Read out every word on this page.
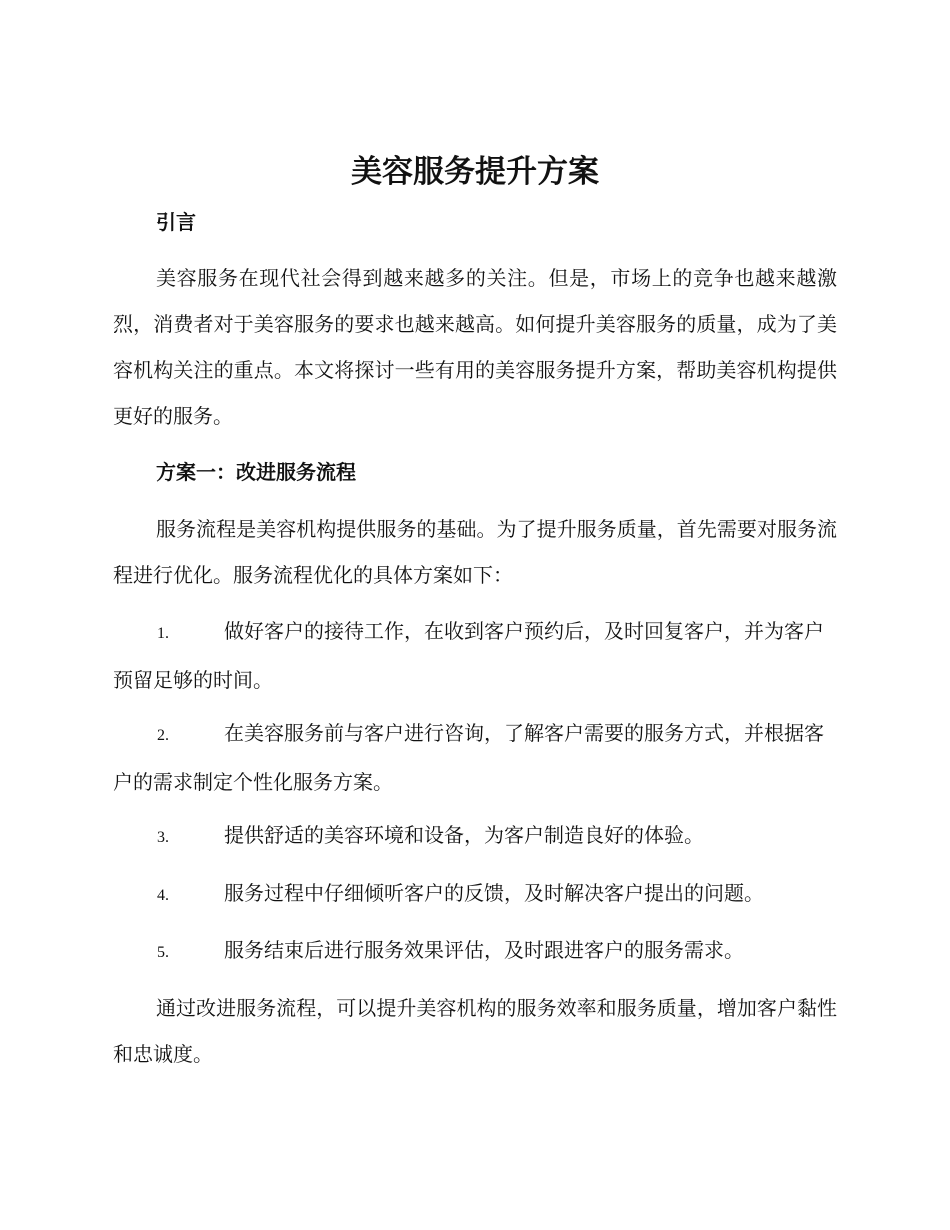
美容服务提升方案
引言

美容服务在现代社会得到越来越多的关注。但是，市场上的竞争也越来越激烈，消费者对于美容服务的要求也越来越高。如何提升美容服务的质量，成为了美容机构关注的重点。本文将探讨一些有用的美容服务提升方案，帮助美容机构提供更好的服务。

方案一：改进服务流程

服务流程是美容机构提供服务的基础。为了提升服务质量，首先需要对服务流程进行优化。服务流程优化的具体方案如下：

1.	做好客户的接待工作，在收到客户预约后，及时回复客户，并为客户预留足够的时间。
2.	在美容服务前与客户进行咨询，了解客户需要的服务方式，并根据客户的需求制定个性化服务方案。
3.	提供舒适的美容环境和设备，为客户制造良好的体验。
4.	服务过程中仔细倾听客户的反馈，及时解决客户提出的问题。
5.	服务结束后进行服务效果评估，及时跟进客户的服务需求。

通过改进服务流程，可以提升美容机构的服务效率和服务质量，增加客户黏性和忠诚度。
